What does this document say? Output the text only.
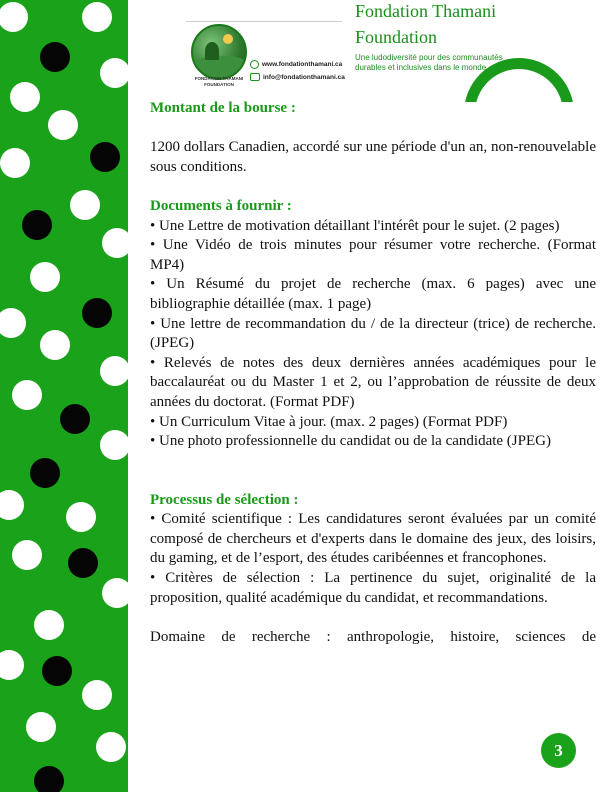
FONDATION THAMANI FOUNDATION
www.fondationthamani.ca
info@fondationthamani.ca
Fondation Thamani
Foundation
Une ludodiversité pour des communautés durables et inclusives dans le monde.

Montant de la bourse :

1200 dollars Canadien, accordé sur une période d'un an, non-renouvelable sous conditions.

Documents à fournir :

• Une Lettre de motivation détaillant l'intérêt pour le sujet. (2 pages)

• Une Vidéo de trois minutes pour résumer votre recherche. (Format MP4)

• Un Résumé du projet de recherche (max. 6 pages) avec une bibliographie détaillée (max. 1 page)

• Une lettre de recommandation du / de la directeur (trice) de recherche. (JPEG)

• Relevés de notes des deux dernières années académiques pour le baccalauréat ou du Master 1 et 2, ou l’approbation de réussite de deux années du doctorat. (Format PDF)

• Un Curriculum Vitae à jour. (max. 2 pages) (Format PDF)

• Une photo professionnelle du candidat ou de la candidate (JPEG)

Processus de sélection :

• Comité scientifique : Les candidatures seront évaluées par un comité composé de chercheurs et d'experts dans le domaine des jeux, des loisirs, du gaming, et de l’esport, des études caribéennes et francophones.

• Critères de sélection : La pertinence du sujet, originalité de la proposition, qualité académique du candidat, et recommandations.

Domaine de recherche : anthropologie, histoire, sciences de

3
